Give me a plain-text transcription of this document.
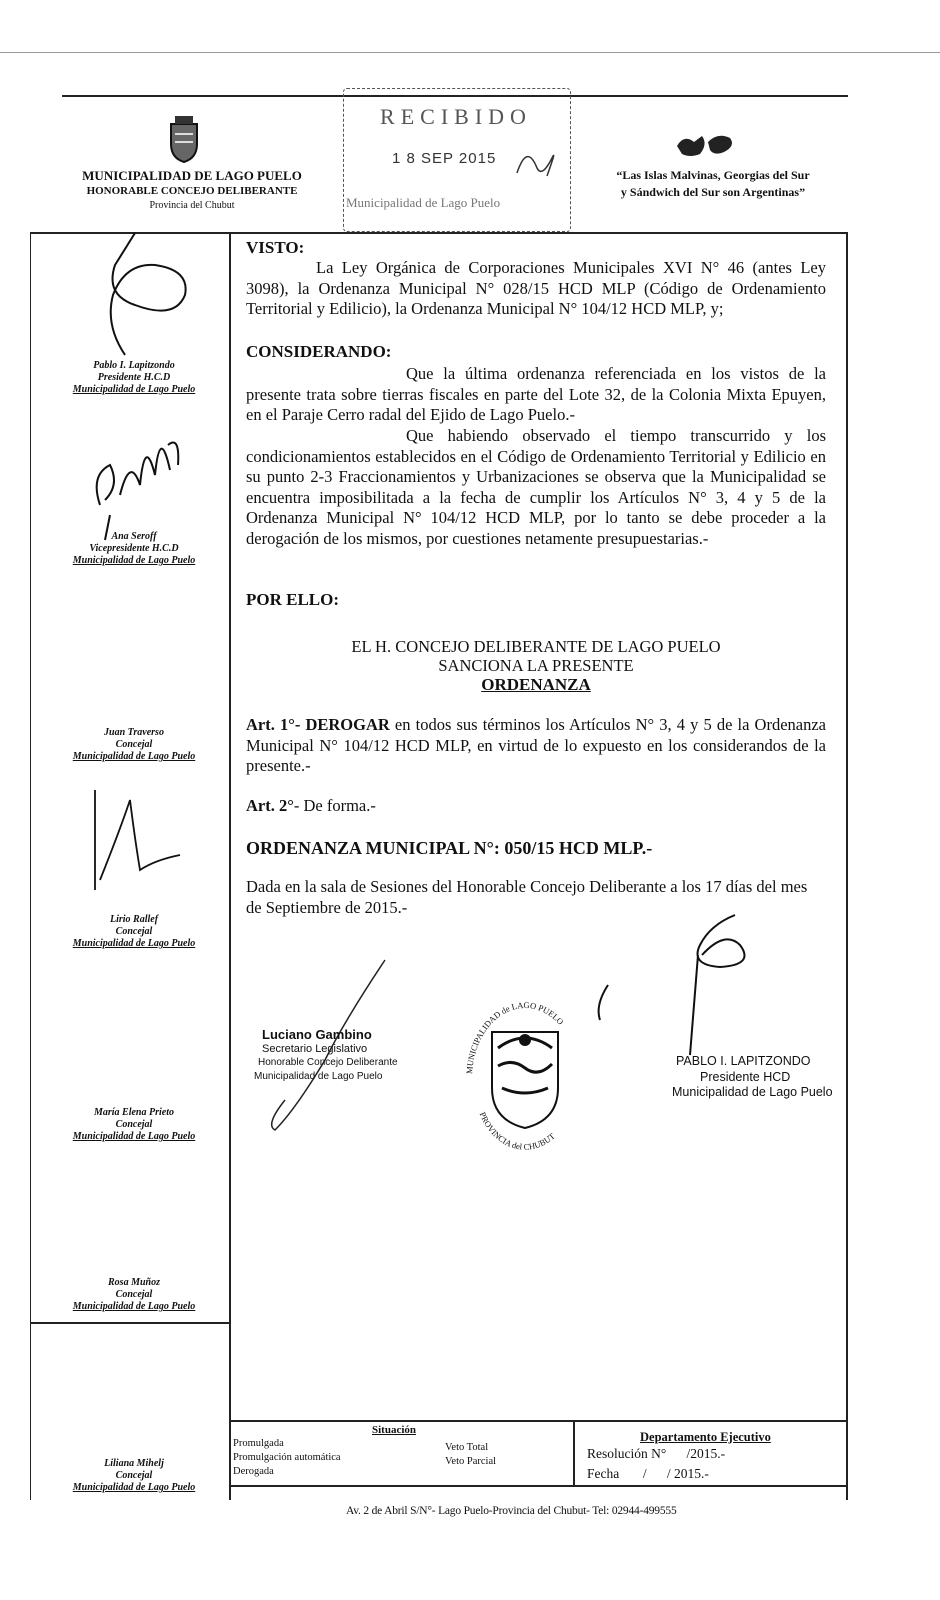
MUNICIPALIDAD DE LAGO PUELO
HONORABLE CONCEJO DELIBERANTE
Provincia del Chubut
RECIBIDO
1 8 SEP 2015
Municipalidad de Lago Puelo
“Las Islas Malvinas, Georgias del Sur
y Sándwich del Sur son Argentinas”
Pablo I. Lapitzondo
Presidente H.C.D
Municipalidad de Lago Puelo
Ana Seroff
Vicepresidente H.C.D
Municipalidad de Lago Puelo
Juan Traverso
Concejal
Municipalidad de Lago Puelo
Lirio Rallef
Concejal
Municipalidad de Lago Puelo
María Elena Prieto
Concejal
Municipalidad de Lago Puelo
Rosa Muñoz
Concejal
Municipalidad de Lago Puelo
Liliana Mihelj
Concejal
Municipalidad de Lago Puelo
VISTO:
La Ley Orgánica de Corporaciones Municipales XVI N° 46 (antes Ley 3098), la Ordenanza Municipal N° 028/15 HCD MLP (Código de Ordenamiento Territorial y Edilicio), la Ordenanza Municipal N° 104/12 HCD MLP, y;
CONSIDERANDO:
Que la última ordenanza referenciada en los vistos de la presente trata sobre tierras fiscales en parte del Lote 32, de la Colonia Mixta Epuyen, en el Paraje Cerro radal del Ejido de Lago Puelo.-
Que habiendo observado el tiempo transcurrido y los condicionamientos establecidos en el Código de Ordenamiento Territorial y Edilicio en su punto 2-3 Fraccionamientos y Urbanizaciones se observa que la Municipalidad se encuentra imposibilitada a la fecha de cumplir los Artículos N° 3, 4 y 5 de la Ordenanza Municipal N° 104/12 HCD MLP, por lo tanto se debe proceder a la derogación de los mismos, por cuestiones netamente presupuestarias.-
POR ELLO:
EL H. CONCEJO DELIBERANTE DE LAGO PUELO
SANCIONA LA PRESENTE
ORDENANZA
Art. 1°- DEROGAR en todos sus términos los Artículos N° 3, 4 y 5 de la Ordenanza Municipal N° 104/12 HCD MLP, en virtud de lo expuesto en los considerandos de la presente.-
Art. 2°- De forma.-
ORDENANZA MUNICIPAL N°: 050/15 HCD MLP.-
Dada en la sala de Sesiones del Honorable Concejo Deliberante a los 17 días del mes de Septiembre de 2015.-
Luciano Gambino
Secretario Legislativo
Honorable Concejo Deliberante
Municipalidad de Lago Puelo
MUNICIPALIDAD de LAGO PUELO
PROVINCIA del CHUBUT
PABLO I. LAPITZONDO
Presidente HCD
Municipalidad de Lago Puelo
Situación
Promulgada
Promulgación automática
Derogada
Veto Total
Veto Parcial
Departamento Ejecutivo
Resolución N°      /2015.-
Fecha       /      / 2015.-
Av. 2 de Abril S/N°- Lago Puelo-Provincia del Chubut- Tel: 02944-499555
